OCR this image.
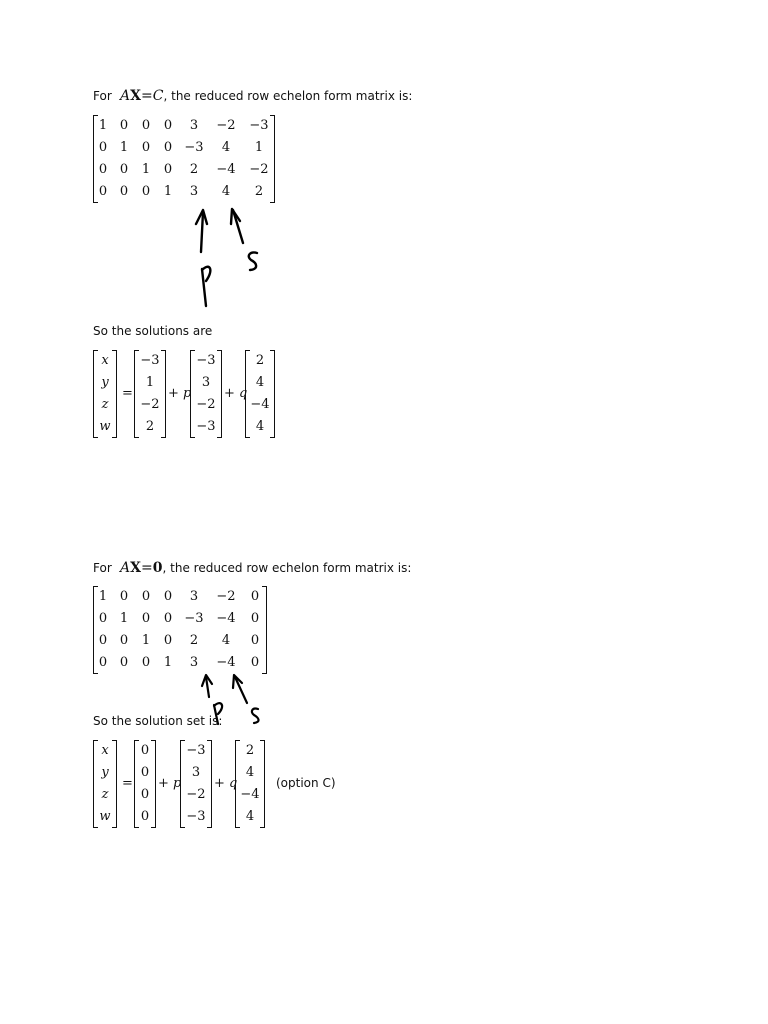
For AX=C, the reduced row echelon form matrix is:
1	0	0	0	3	−2	−3
0	1	0	0	−3	4	1
0	0	1	0	2	−4	−2
0	0	0	1	3	4	2
So the solutions are
x
y
z
w
=
−3
1
−2
2
+ p
−3
3
−2
−3
+ q
2
4
−4
4
For AX=0, the reduced row echelon form matrix is:
1	0	0	0	3	−2	0
0	1	0	0	−3	−4	0
0	0	1	0	2	4	0
0	0	0	1	3	−4	0
So the solution set is:
x
y
z
w
=
0
0
0
0
+ p
−3
3
−2
−3
+ q
2
4
−4
4
(option C)
